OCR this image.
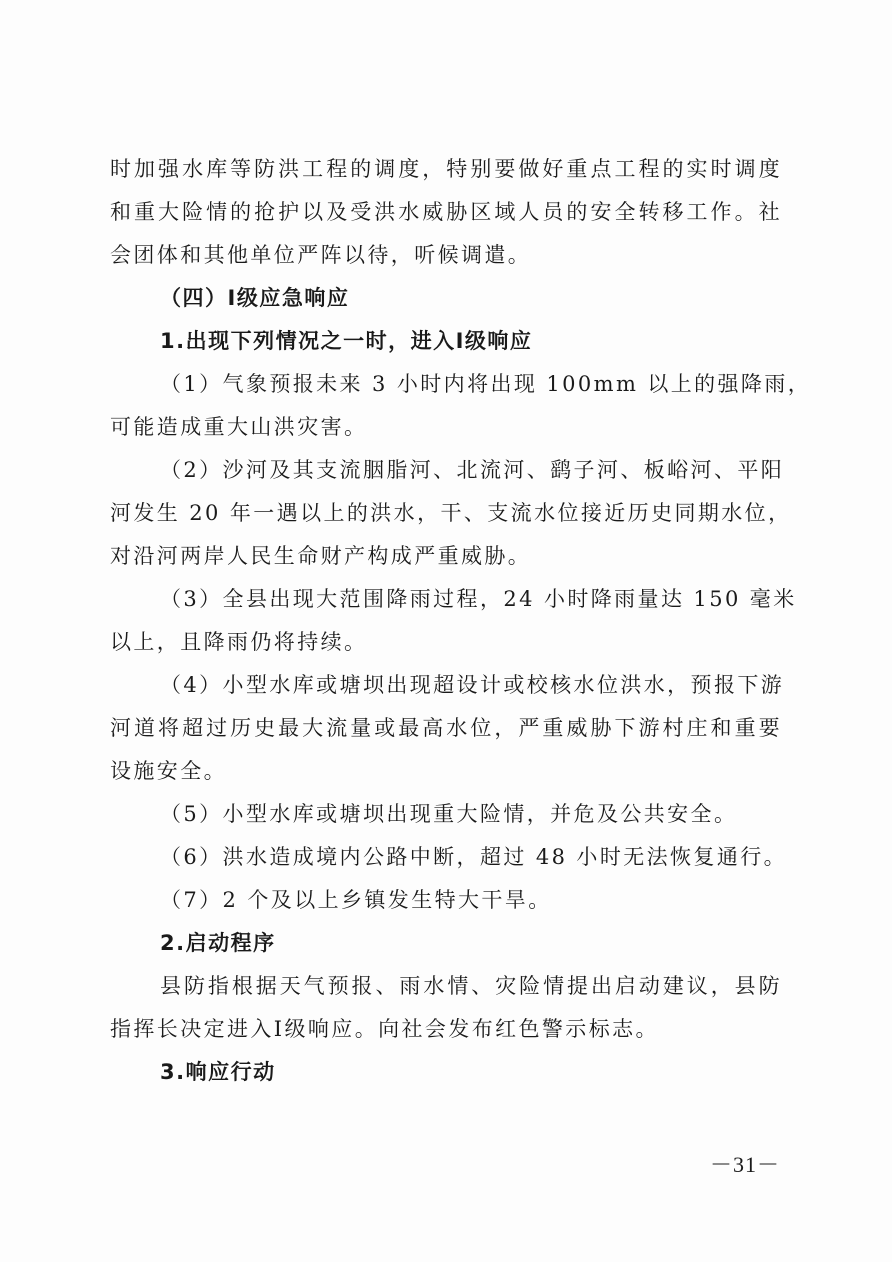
时加强水库等防洪工程的调度，特别要做好重点工程的实时调度
和重大险情的抢护以及受洪水威胁区域人员的安全转移工作。社
会团体和其他单位严阵以待，听候调遣。
（四）Ⅰ级应急响应
1.出现下列情况之一时，进入Ⅰ级响应
（1）气象预报未来 3 小时内将出现 100mm 以上的强降雨，
可能造成重大山洪灾害。
（2）沙河及其支流胭脂河、北流河、鹞子河、板峪河、平阳
河发生 20 年一遇以上的洪水，干、支流水位接近历史同期水位，
对沿河两岸人民生命财产构成严重威胁。
（3）全县出现大范围降雨过程，24 小时降雨量达 150 毫米
以上，且降雨仍将持续。
（4）小型水库或塘坝出现超设计或校核水位洪水，预报下游
河道将超过历史最大流量或最高水位，严重威胁下游村庄和重要
设施安全。
（5）小型水库或塘坝出现重大险情，并危及公共安全。
（6）洪水造成境内公路中断，超过 48 小时无法恢复通行。
（7）2 个及以上乡镇发生特大干旱。
2.启动程序
县防指根据天气预报、雨水情、灾险情提出启动建议，县防
指挥长决定进入Ⅰ级响应。向社会发布红色警示标志。
3.响应行动
－31－
